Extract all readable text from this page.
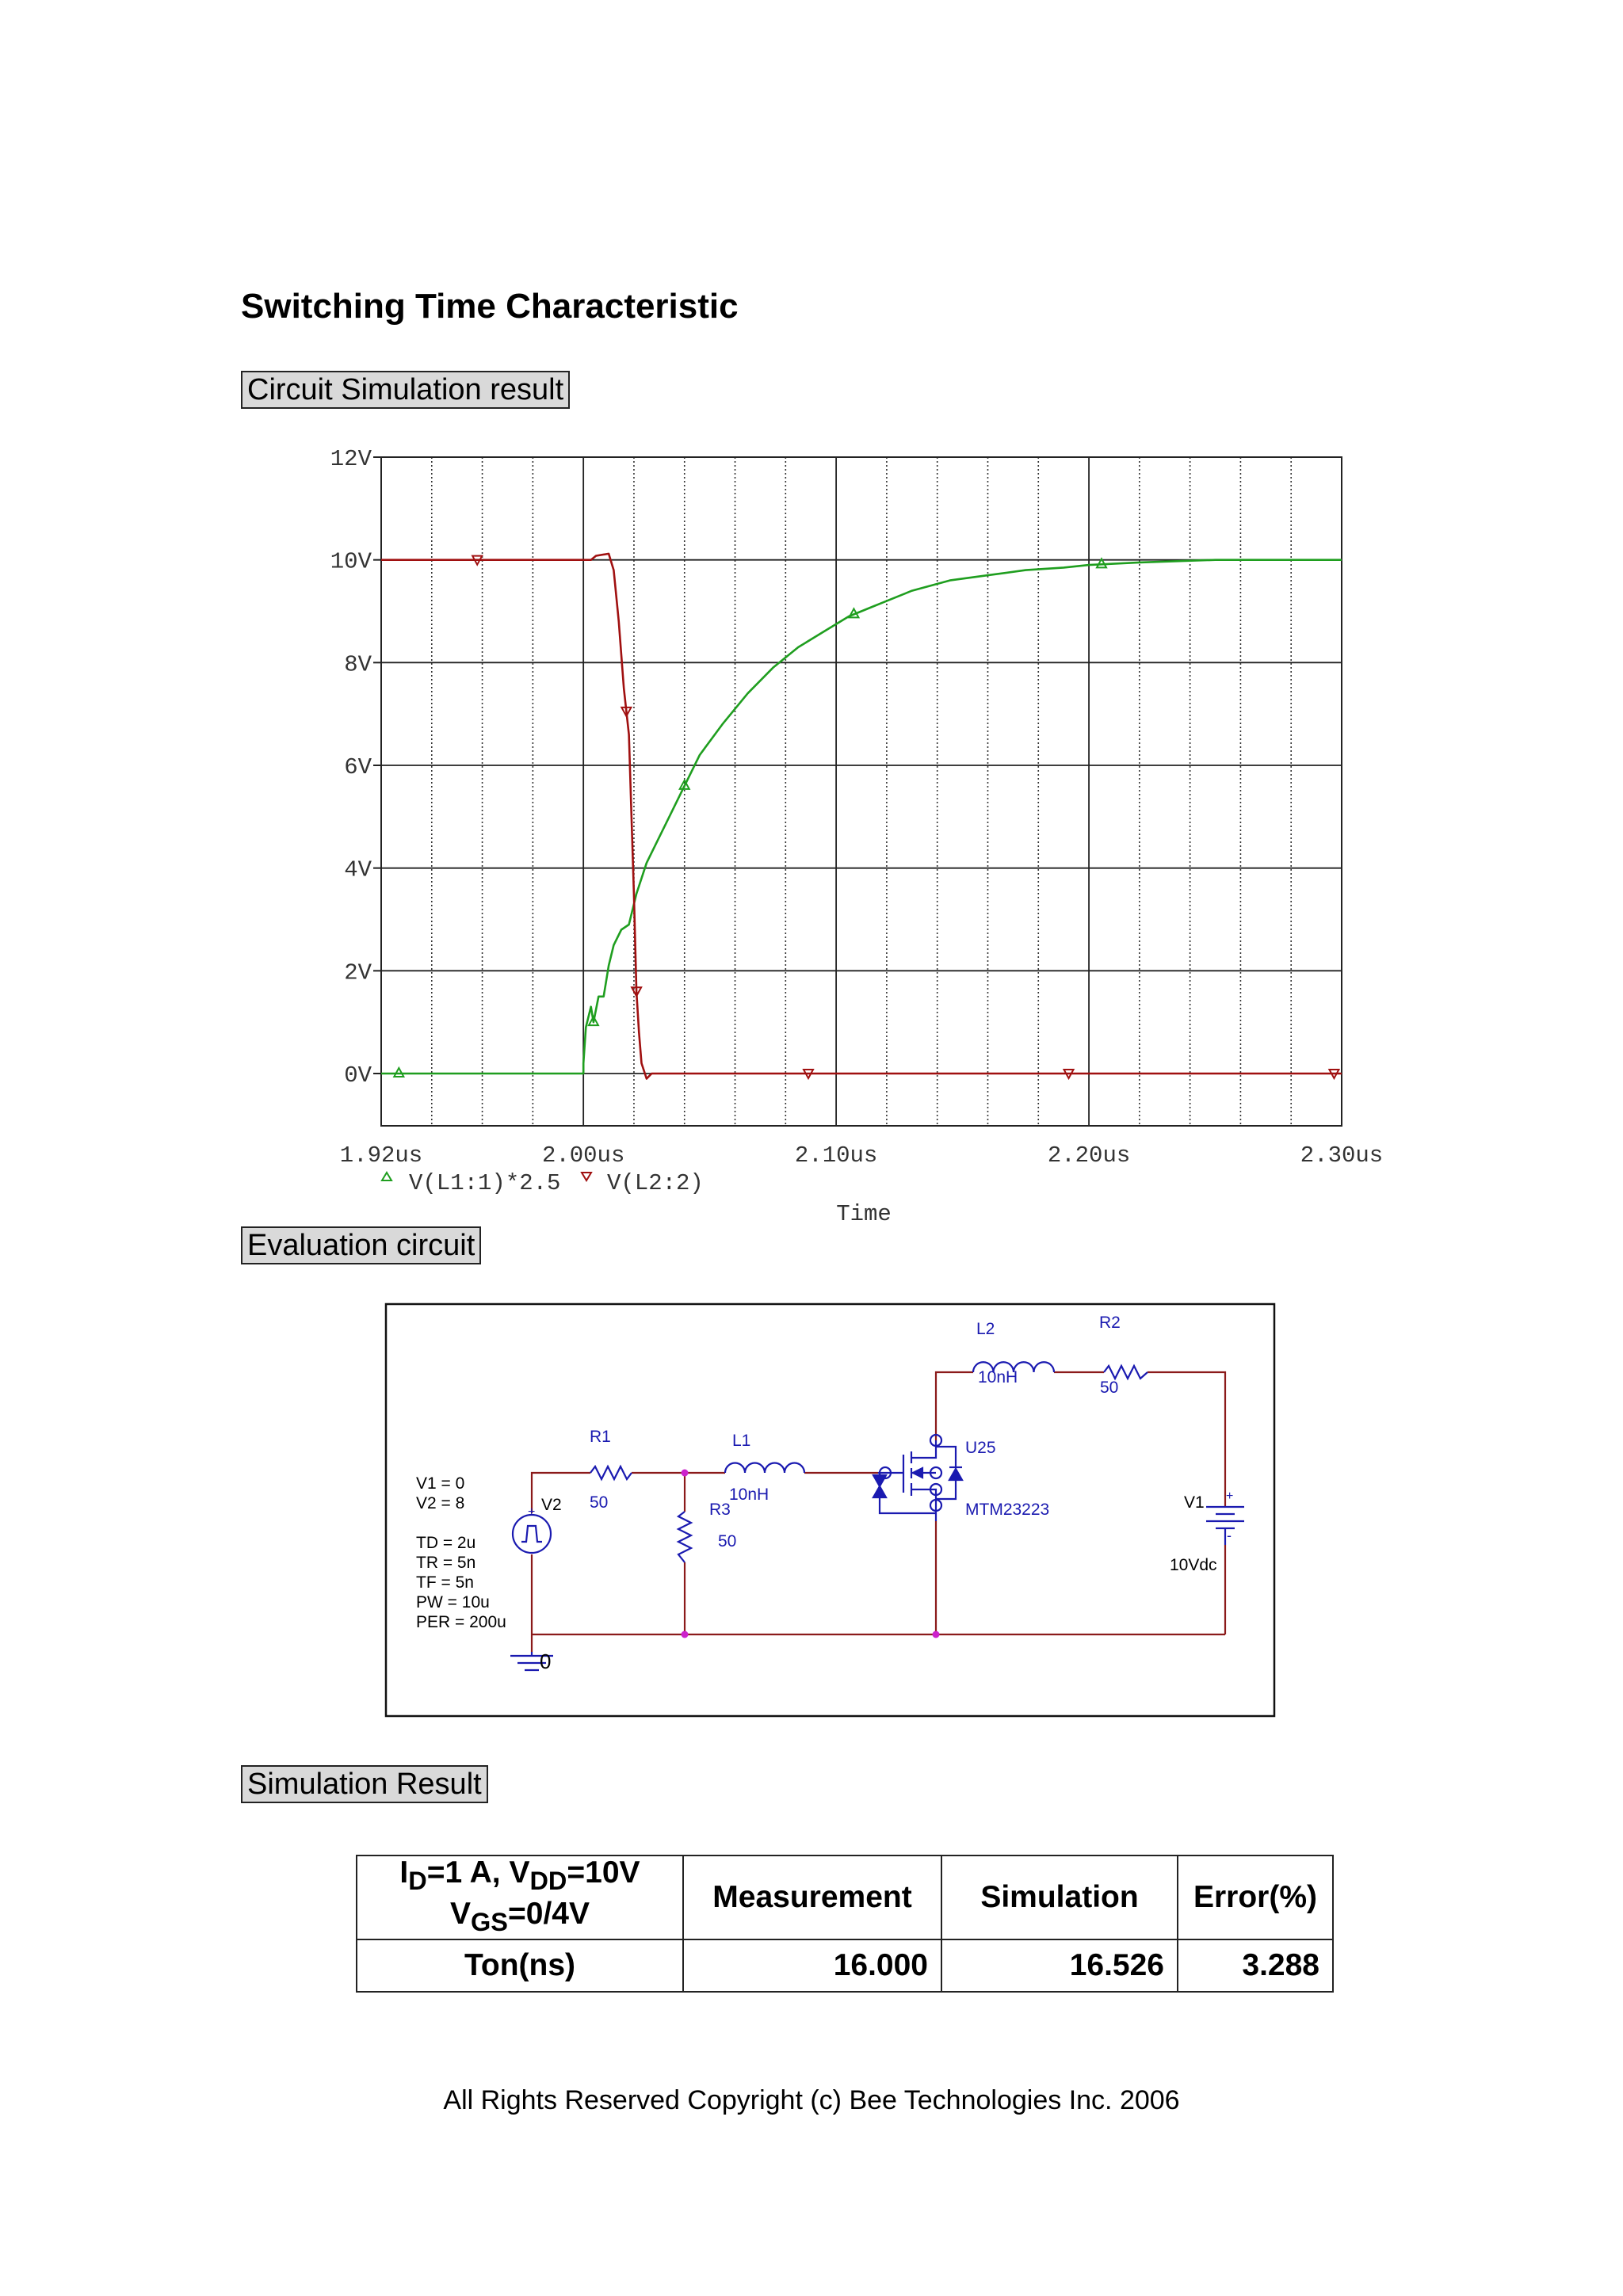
Switching Time Characteristic
Circuit Simulation result
0V
2V
4V
6V
8V
10V
12V
1.92us	2.00us	2.10us	2.20us	2.30us
V(L1:1)*2.5 V(L2:2)
Time
Evaluation circuit
+
V1 = 0
V2 = 8
TD = 2u
TR = 5n
TF = 5n
PW = 10u
PER = 200u
V2	V1
10Vdc
R1
50
L1
10nH
R3
50
L2
10nH
R2
50
U25
MTM23223
+
-
0
Simulation Result
$I_D=1$ A, $V_{DD}=10V$
$V_{GS}=0/4V$	Measurement	Simulation	Error(%)
Ton(ns)	16.000	16.526	3.288
All Rights Reserved Copyright (c) Bee Technologies Inc. 2006
